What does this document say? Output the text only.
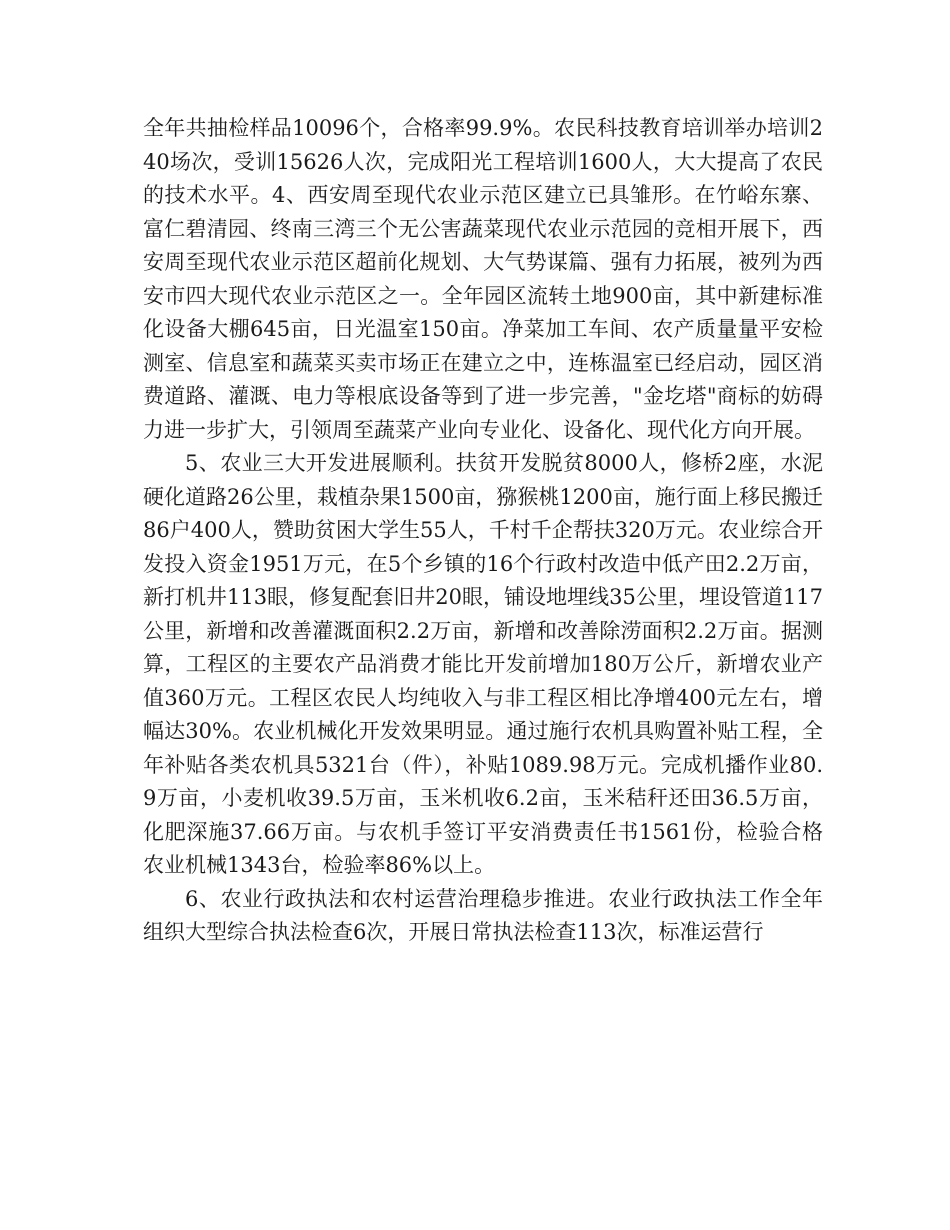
全年共抽检样品10096个，合格率99.9%。农民科技教育培训举办培训240场次，受训15626人次，完成阳光工程培训1600人，大大提高了农民的技术水平。4、西安周至现代农业示范区建立已具雏形。在竹峪东寨、富仁碧清园、终南三湾三个无公害蔬菜现代农业示范园的竞相开展下，西安周至现代农业示范区超前化规划、大气势谋篇、强有力拓展，被列为西安市四大现代农业示范区之一。全年园区流转土地900亩，其中新建标准化设备大棚645亩，日光温室150亩。净菜加工车间、农产质量量平安检测室、信息室和蔬菜买卖市场正在建立之中，连栋温室已经启动，园区消费道路、灌溉、电力等根底设备等到了进一步完善，"金圪塔"商标的妨碍力进一步扩大，引领周至蔬菜产业向专业化、设备化、现代化方向开展。

5、农业三大开发进展顺利。扶贫开发脱贫8000人，修桥2座，水泥硬化道路26公里，栽植杂果1500亩，猕猴桃1200亩，施行面上移民搬迁86户400人，赞助贫困大学生55人，千村千企帮扶320万元。农业综合开发投入资金1951万元，在5个乡镇的16个行政村改造中低产田2.2万亩，新打机井113眼，修复配套旧井20眼，铺设地埋线35公里，埋设管道117公里，新增和改善灌溉面积2.2万亩，新增和改善除涝面积2.2万亩。据测算，工程区的主要农产品消费才能比开发前增加180万公斤，新增农业产值360万元。工程区农民人均纯收入与非工程区相比净增400元左右，增幅达30%。农业机械化开发效果明显。通过施行农机具购置补贴工程，全年补贴各类农机具5321台（件），补贴1089.98万元。完成机播作业80.9万亩，小麦机收39.5万亩，玉米机收6.2亩，玉米秸秆还田36.5万亩，化肥深施37.66万亩。与农机手签订平安消费责任书1561份，检验合格农业机械1343台，检验率86%以上。

6、农业行政执法和农村运营治理稳步推进。农业行政执法工作全年组织大型综合执法检查6次，开展日常执法检查113次，标准运营行
